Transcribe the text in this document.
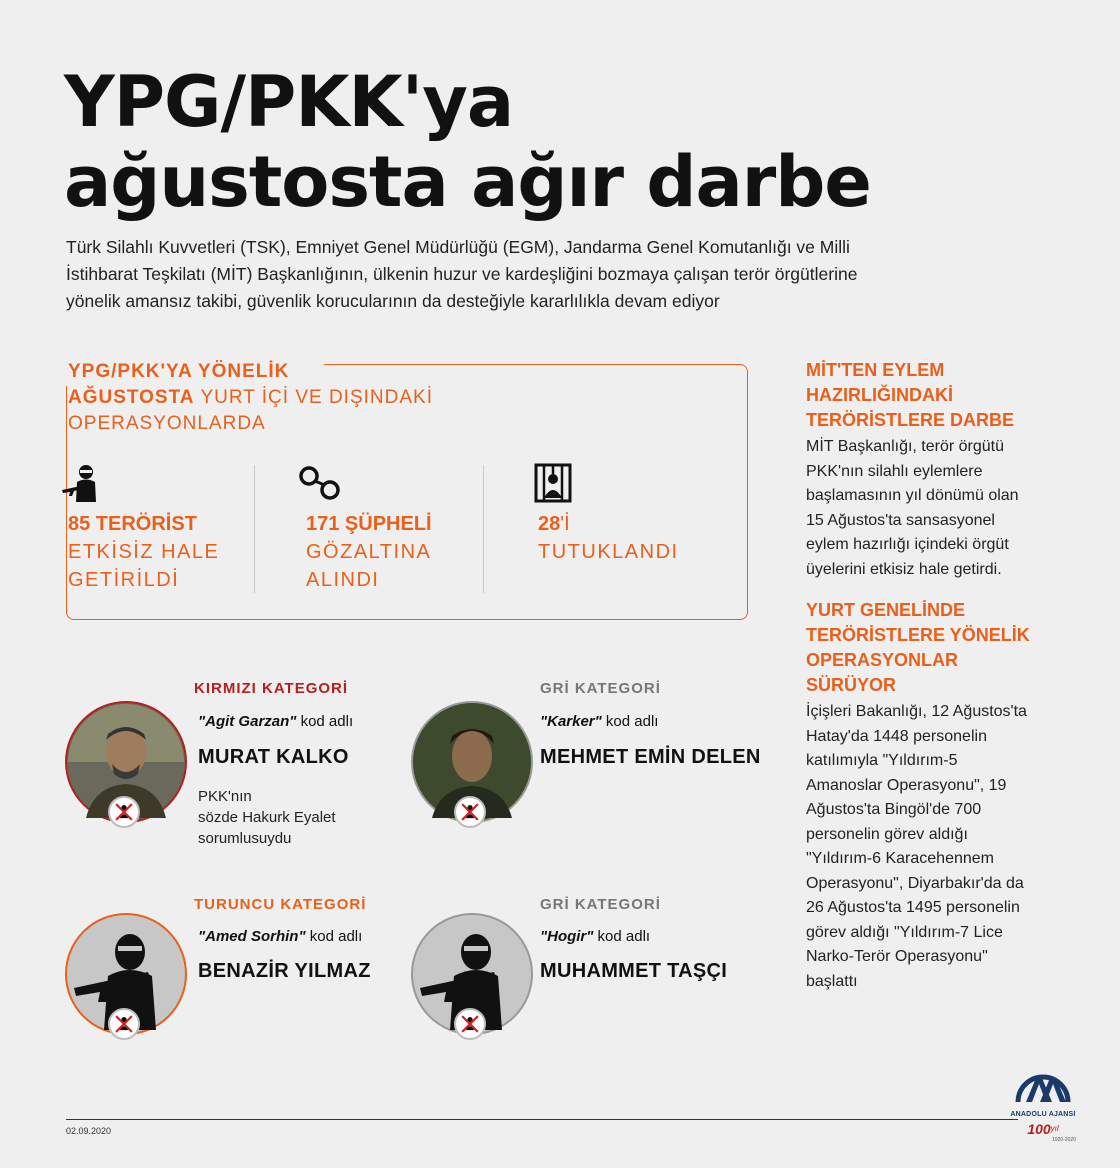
YPG/PKK'ya
ağustosta ağır darbe
Türk Silahlı Kuvvetleri (TSK), Emniyet Genel Müdürlüğü (EGM), Jandarma Genel Komutanlığı ve Milli
İstihbarat Teşkilatı (MİT) Başkanlığının, ülkenin huzur ve kardeşliğini bozmaya çalışan terör örgütlerine
yönelik amansız takibi, güvenlik korucularının da desteğiyle kararlılıkla devam ediyor
YPG/PKK'YA YÖNELİK
AĞUSTOSTA YURT İÇİ VE DIŞINDAKİ
OPERASYONLARDA
85 TERÖRİST
ETKİSİZ HALE
GETİRİLDİ
171 ŞÜPHELİ
GÖZALTINA
ALINDI
28'İ
TUTUKLANDI
MİT'TEN EYLEM
HAZIRLIĞINDAKİ
TERÖRİSTLERE DARBE
MİT Başkanlığı, terör örgütü
PKK'nın silahlı eylemlere
başlamasının yıl dönümü olan
15 Ağustos'ta sansasyonel
eylem hazırlığı içindeki örgüt
üyelerini etkisiz hale getirdi.
YURT GENELİNDE
TERÖRİSTLERE YÖNELİK
OPERASYONLAR
SÜRÜYOR
İçişleri Bakanlığı, 12 Ağustos'ta
Hatay'da 1448 personelin
katılımıyla "Yıldırım-5
Amanoslar Operasyonu", 19
Ağustos'ta Bingöl'de 700
personelin görev aldığı
"Yıldırım-6 Karacehennem
Operasyonu", Diyarbakır'da da
26 Ağustos'ta 1495 personelin
görev aldığı "Yıldırım-7 Lice
Narko-Terör Operasyonu"
başlattı
KIRMIZI KATEGORİ
"Agit Garzan" kod adlı
MURAT KALKO
PKK'nın
sözde Hakurk Eyalet
sorumlusuydu
GRİ KATEGORİ
"Karker" kod adlı
MEHMET EMİN DELEN
TURUNCU KATEGORİ
"Amed Sorhin" kod adlı
BENAZİR YILMAZ
GRİ KATEGORİ
"Hogir" kod adlı
MUHAMMET TAŞÇI
02.09.2020
ANADOLU AJANSI
$100^{yıl}$
1920-2020
